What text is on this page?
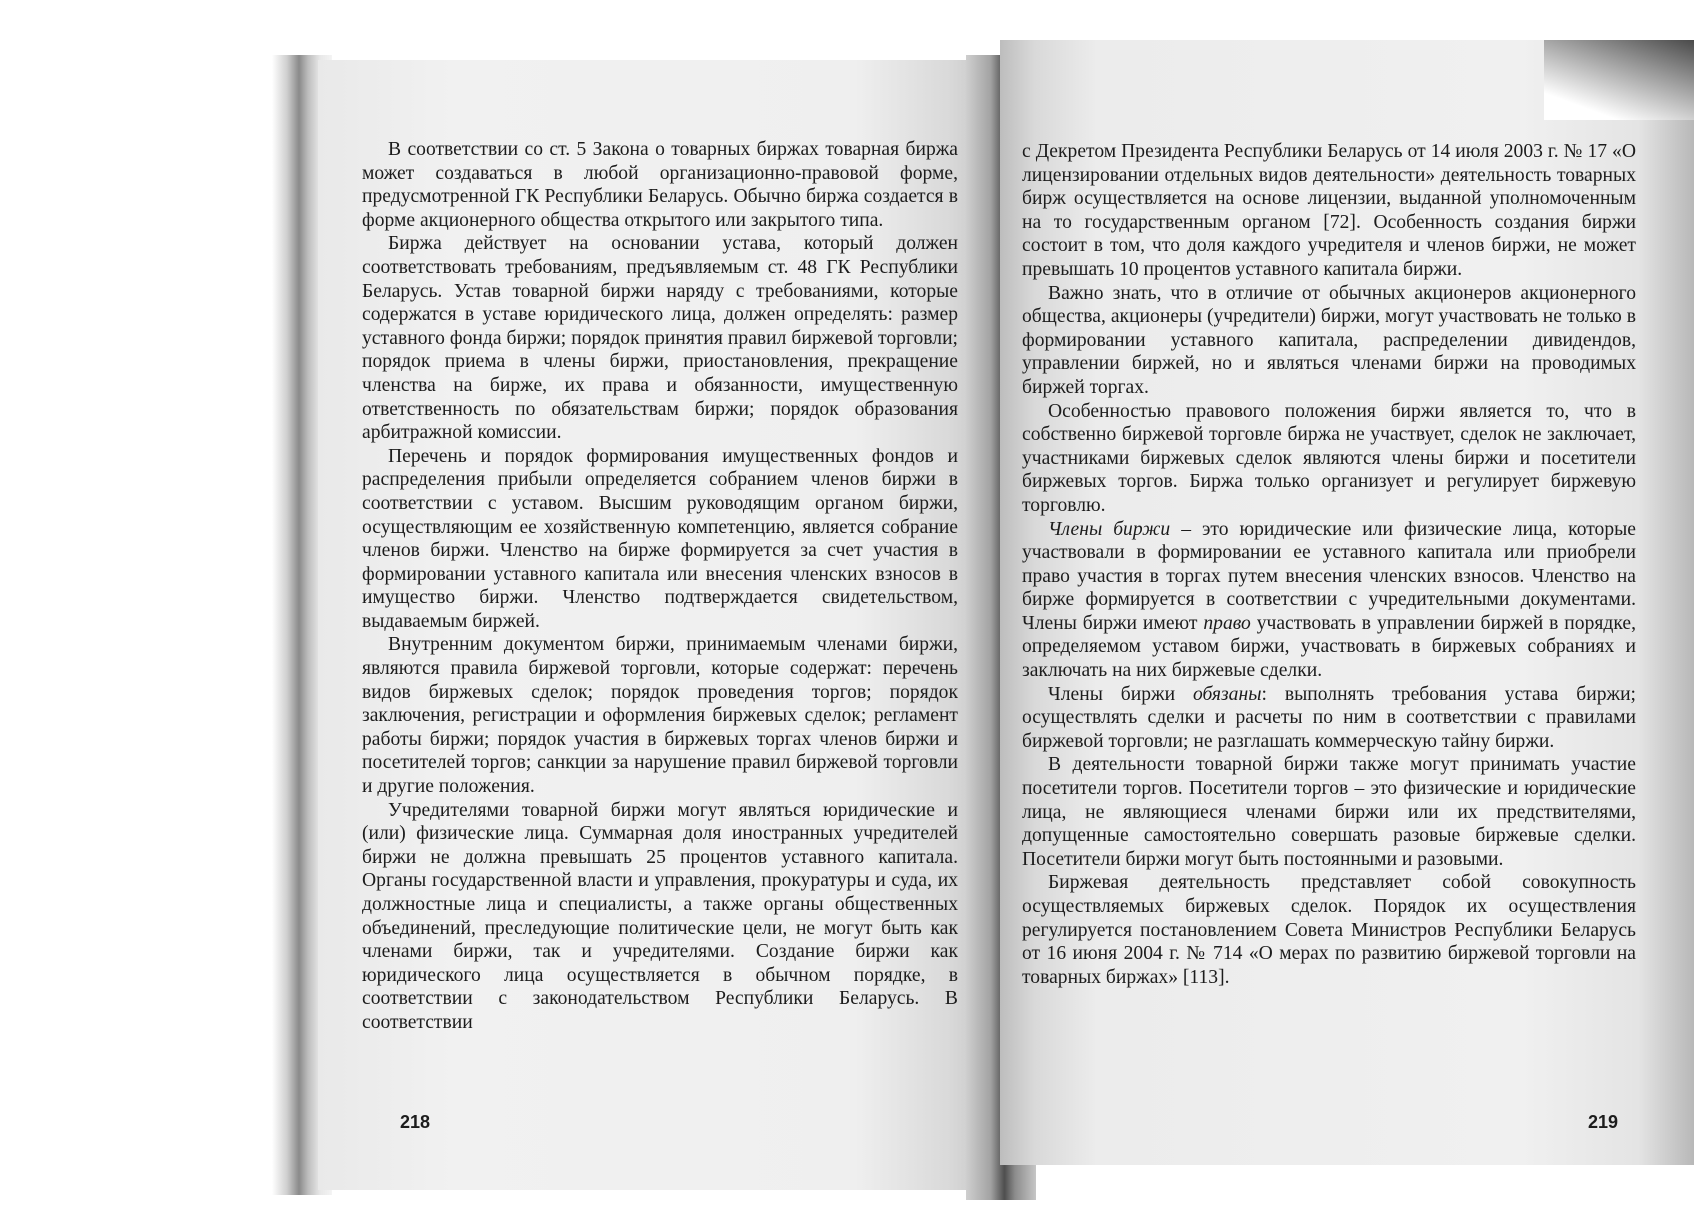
В соответствии со ст. 5 Закона о товарных биржах товарная биржа может создаваться в любой организационно-правовой форме, предусмотренной ГК Республики Беларусь. Обычно биржа создается в форме акционерного общества открытого или закрытого типа.

Биржа действует на основании устава, который должен соответствовать требованиям, предъявляемым ст. 48 ГК Республики Беларусь. Устав товарной биржи наряду с требованиями, которые содержатся в уставе юридического лица, должен определять: размер уставного фонда биржи; порядок принятия правил биржевой торговли; порядок приема в члены биржи, приостановления, прекращение членства на бирже, их права и обязанности, имущественную ответственность по обязательствам биржи; порядок образования арбитражной комиссии.

Перечень и порядок формирования имущественных фондов и распределения прибыли определяется собранием членов биржи в соответствии с уставом. Высшим руководящим органом биржи, осуществляющим ее хозяйственную компетенцию, является собрание членов биржи. Членство на бирже формируется за счет участия в формировании уставного капитала или внесения членских взносов в имущество биржи. Членство подтверждается свидетельством, выдаваемым биржей.

Внутренним документом биржи, принимаемым членами биржи, являются правила биржевой торговли, которые содержат: перечень видов биржевых сделок; порядок проведения торгов; порядок заключения, регистрации и оформления биржевых сделок; регламент работы биржи; порядок участия в биржевых торгах членов биржи и посетителей торгов; санкции за нарушение правил биржевой торговли и другие положения.

Учредителями товарной биржи могут являться юридические и (или) физические лица. Суммарная доля иностранных учредителей биржи не должна превышать 25 процентов уставного капитала. Органы государственной власти и управления, прокуратуры и суда, их должностные лица и специалисты, а также органы общественных объединений, преследующие политические цели, не могут быть как членами биржи, так и учредителями. Создание биржи как юридического лица осуществляется в обычном порядке, в соответствии с законодательством Республики Беларусь. В соответствии

218

с Декретом Президента Республики Беларусь от 14 июля 2003 г. № 17 «О лицензировании отдельных видов деятельности» деятельность товарных бирж осуществляется на основе лицензии, выданной уполномоченным на то государственным органом [72]. Особенность создания биржи состоит в том, что доля каждого учредителя и членов биржи, не может превышать 10 процентов уставного капитала биржи.

Важно знать, что в отличие от обычных акционеров акционерного общества, акционеры (учредители) биржи, могут участвовать не только в формировании уставного капитала, распределении дивидендов, управлении биржей, но и являться членами биржи на проводимых биржей торгах.

Особенностью правового положения биржи является то, что в собственно биржевой торговле биржа не участвует, сделок не заключает, участниками биржевых сделок являются члены биржи и посетители биржевых торгов. Биржа только организует и регулирует биржевую торговлю.

Члены биржи – это юридические или физические лица, которые участвовали в формировании ее уставного капитала или приобрели право участия в торгах путем внесения членских взносов. Членство на бирже формируется в соответствии с учредительными документами. Члены биржи имеют право участвовать в управлении биржей в порядке, определяемом уставом биржи, участвовать в биржевых собраниях и заключать на них биржевые сделки.

Члены биржи обязаны: выполнять требования устава биржи; осуществлять сделки и расчеты по ним в соответствии с правилами биржевой торговли; не разглашать коммерческую тайну биржи.

В деятельности товарной биржи также могут принимать участие посетители торгов. Посетители торгов – это физические и юридические лица, не являющиеся членами биржи или их предствителями, допущенные самостоятельно совершать разовые биржевые сделки. Посетители биржи могут быть постоянными и разовыми.

Биржевая деятельность представляет собой совокупность осуществляемых биржевых сделок. Порядок их осуществления регулируется постановлением Совета Министров Республики Беларусь от 16 июня 2004 г. № 714 «О мерах по развитию биржевой торговли на товарных биржах» [113].

219
